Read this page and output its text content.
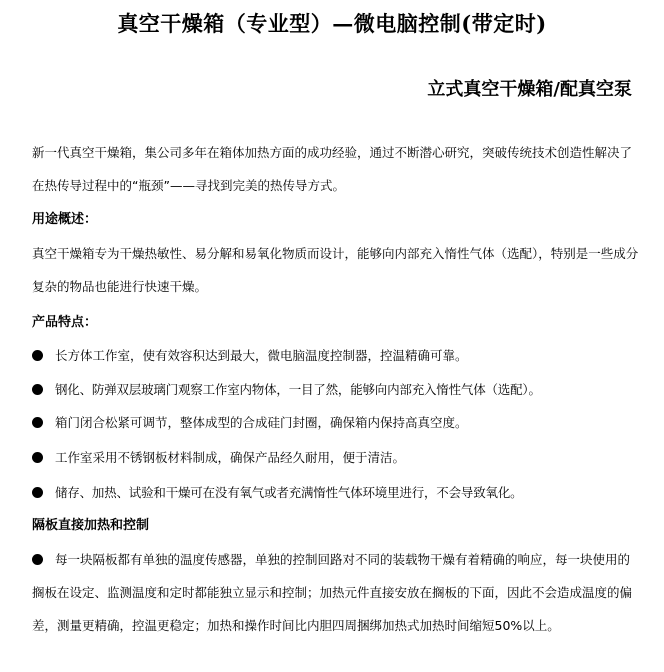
真空干燥箱（专业型）—微电脑控制(带定时)
立式真空干燥箱/配真空泵

新一代真空干燥箱，集公司多年在箱体加热方面的成功经验，通过不断潜心研究，突破传统技术创造性解决了在热传导过程中的“瓶颈”——寻找到完美的热传导方式。

用途概述：

真空干燥箱专为干燥热敏性、易分解和易氧化物质而设计，能够向内部充入惰性气体（选配），特别是一些成分复杂的物品也能进行快速干燥。

产品特点：
长方体工作室，使有效容积达到最大，微电脑温度控制器，控温精确可靠。
钢化、防弹双层玻璃门观察工作室内物体，一目了然，能够向内部充入惰性气体（选配）。
箱门闭合松紧可调节，整体成型的合成硅门封圈，确保箱内保持高真空度。
工作室采用不锈钢板材料制成，确保产品经久耐用，便于清洁。
储存、加热、试验和干燥可在没有氧气或者充满惰性气体环境里进行，不会导致氧化。
隔板直接加热和控制
每一块隔板都有单独的温度传感器，单独的控制回路对不同的装载物干燥有着精确的响应，每一块使用的搁板在设定、监测温度和定时都能独立显示和控制；加热元件直接安放在搁板的下面，因此不会造成温度的偏差，测量更精确，控温更稳定；加热和操作时间比内胆四周捆绑加热式加热时间缩短50%以上。
